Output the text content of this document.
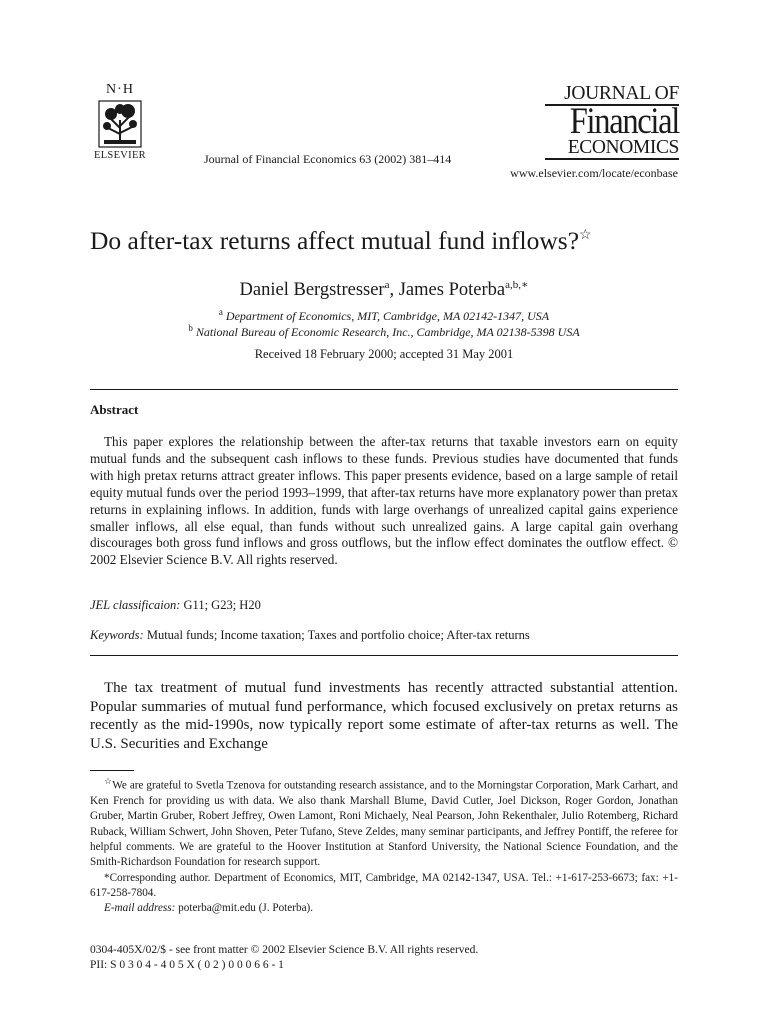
N·H
ELSEVIER	Journal of Financial Economics 63 (2002) 381–414
JOURNAL OF
Financial
ECONOMICS
www.elsevier.com/locate/econbase
Do after-tax returns affect mutual fund inflows?☆
Daniel Bergstresser$^a$, James Poterba$^{a,b,∗}$
$^a$ Department of Economics, MIT, Cambridge, MA 02142-1347, USA
$^b$ National Bureau of Economic Research, Inc., Cambridge, MA 02138-5398 USA
Received 18 February 2000; accepted 31 May 2001
Abstract

This paper explores the relationship between the after-tax returns that taxable investors earn on equity mutual funds and the subsequent cash inflows to these funds. Previous studies have documented that funds with high pretax returns attract greater inflows. This paper presents evidence, based on a large sample of retail equity mutual funds over the period 1993–1999, that after-tax returns have more explanatory power than pretax returns in explaining inflows. In addition, funds with large overhangs of unrealized capital gains experience smaller inflows, all else equal, than funds without such unrealized gains. A large capital gain overhang discourages both gross fund inflows and gross outflows, but the inflow effect dominates the outflow effect. © 2002 Elsevier Science B.V. All rights reserved.

JEL classificaion: G11; G23; H20
Keywords: Mutual funds; Income taxation; Taxes and portfolio choice; After-tax returns

The tax treatment of mutual fund investments has recently attracted substantial attention. Popular summaries of mutual fund performance, which focused exclusively on pretax returns as recently as the mid-1990s, now typically report some estimate of after-tax returns as well. The U.S. Securities and Exchange

☆We are grateful to Svetla Tzenova for outstanding research assistance, and to the Morningstar Corporation, Mark Carhart, and Ken French for providing us with data. We also thank Marshall Blume, David Cutler, Joel Dickson, Roger Gordon, Jonathan Gruber, Martin Gruber, Robert Jeffrey, Owen Lamont, Roni Michaely, Neal Pearson, John Rekenthaler, Julio Rotemberg, Richard Ruback, William Schwert, John Shoven, Peter Tufano, Steve Zeldes, many seminar participants, and Jeffrey Pontiff, the referee for helpful comments. We are grateful to the Hoover Institution at Stanford University, the National Science Foundation, and the Smith-Richardson Foundation for research support.

*Corresponding author. Department of Economics, MIT, Cambridge, MA 02142-1347, USA. Tel.: +1-617-253-6673; fax: +1-617-258-7804.

E-mail address: poterba@mit.edu (J. Poterba).

0304-405X/02/$ - see front matter © 2002 Elsevier Science B.V. All rights reserved.
PII: S 0 3 0 4 - 4 0 5 X ( 0 2 ) 0 0 0 6 6 - 1
